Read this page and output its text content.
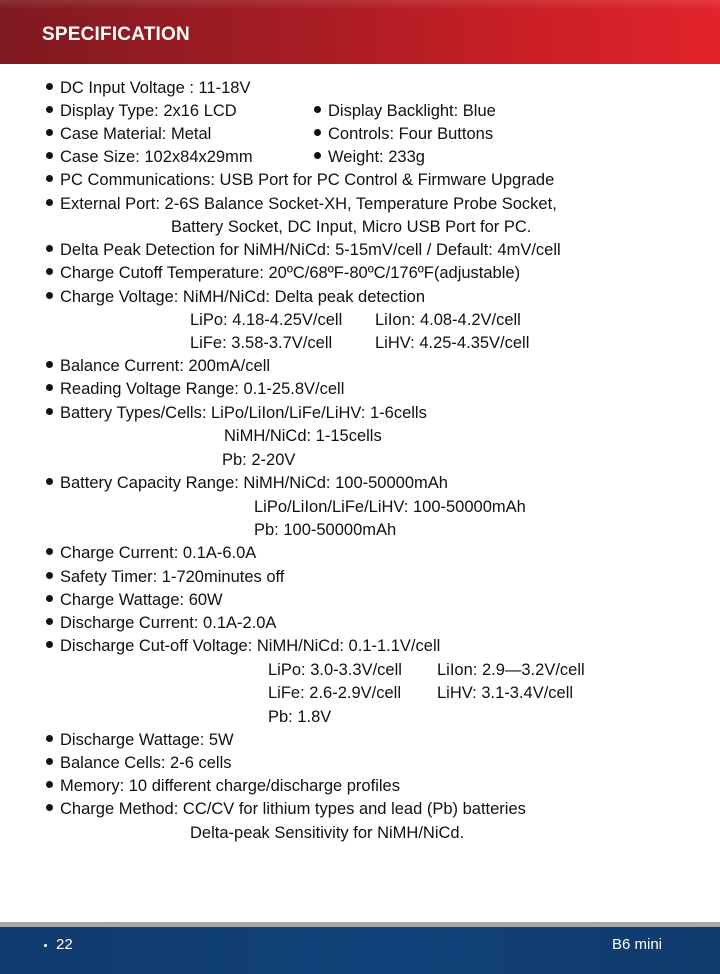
SPECIFICATION
DC Input Voltage : 11-18V
Display Type: 2x16 LCD	Display Backlight: Blue
Case Material: Metal	Controls: Four Buttons
Case Size: 102x84x29mm	Weight: 233g
PC Communications: USB Port for PC Control & Firmware Upgrade
External Port: 2-6S Balance Socket-XH, Temperature Probe Socket,
Battery Socket, DC Input, Micro USB Port for PC.
Delta Peak Detection for NiMH/NiCd: 5-15mV/cell / Default: 4mV/cell
Charge Cutoff Temperature: 20ºC/68ºF-80ºC/176ºF(adjustable)
Charge Voltage: NiMH/NiCd: Delta peak detection
LiPo: 4.18-4.25V/cell LiIon: 4.08-4.2V/cell
LiFe: 3.58-3.7V/cell	LiHV: 4.25-4.35V/cell
Balance Current: 200mA/cell
Reading Voltage Range: 0.1-25.8V/cell
Battery Types/Cells: LiPo/LiIon/LiFe/LiHV: 1-6cells
NiMH/NiCd: 1-15cells
Pb: 2-20V
Battery Capacity Range: NiMH/NiCd: 100-50000mAh
LiPo/LiIon/LiFe/LiHV: 100-50000mAh
Pb: 100-50000mAh
Charge Current: 0.1A-6.0A
Safety Timer: 1-720minutes off
Charge Wattage: 60W
Discharge Current: 0.1A-2.0A
Discharge Cut-off Voltage: NiMH/NiCd: 0.1-1.1V/cell
LiPo: 3.0-3.3V/cell LiIon: 2.9—3.2V/cell
LiFe: 2.6-2.9V/cell LiHV: 3.1-3.4V/cell
Pb: 1.8V
Discharge Wattage: 5W
Balance Cells: 2-6 cells
Memory: 10 different charge/discharge profiles
Charge Method: CC/CV for lithium types and lead (Pb) batteries
Delta-peak Sensitivity for NiMH/NiCd.
22	B6 mini
